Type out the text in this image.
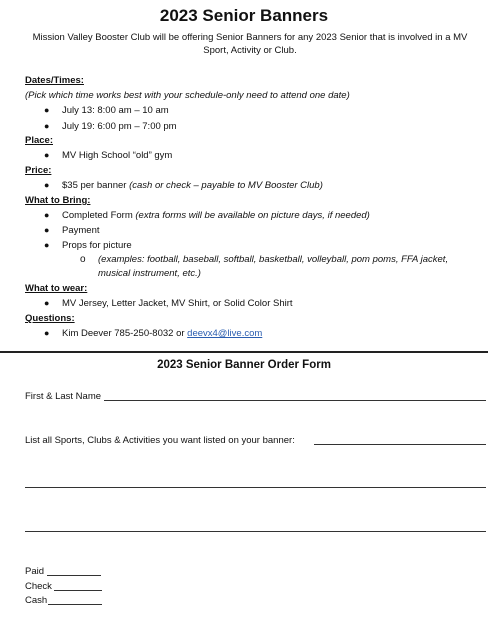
2023 Senior Banners
Mission Valley Booster Club will be offering Senior Banners for any 2023 Senior that is involved in a MV Sport, Activity or Club.
Dates/Times:
(Pick which time works best with your schedule-only need to attend one date)
● July 13: 8:00 am – 10 am
● July 19: 6:00 pm – 7:00 pm
Place:
● MV High School “old” gym
Price:
● $35 per banner (cash or check – payable to MV Booster Club)
What to Bring:
● Completed Form (extra forms will be available on picture days, if needed)
● Payment
● Props for picture
o (examples: football, baseball, softball, basketball, volleyball, pom poms, FFA jacket,
musical instrument, etc.)
What to wear:
● MV Jersey, Letter Jacket, MV Shirt, or Solid Color Shirt
Questions:
● Kim Deever 785-250-8032 or deevx4@live.com
2023 Senior Banner Order Form
First & Last Name
List all Sports, Clubs & Activities you want listed on your banner:
Paid
Check
Cash
